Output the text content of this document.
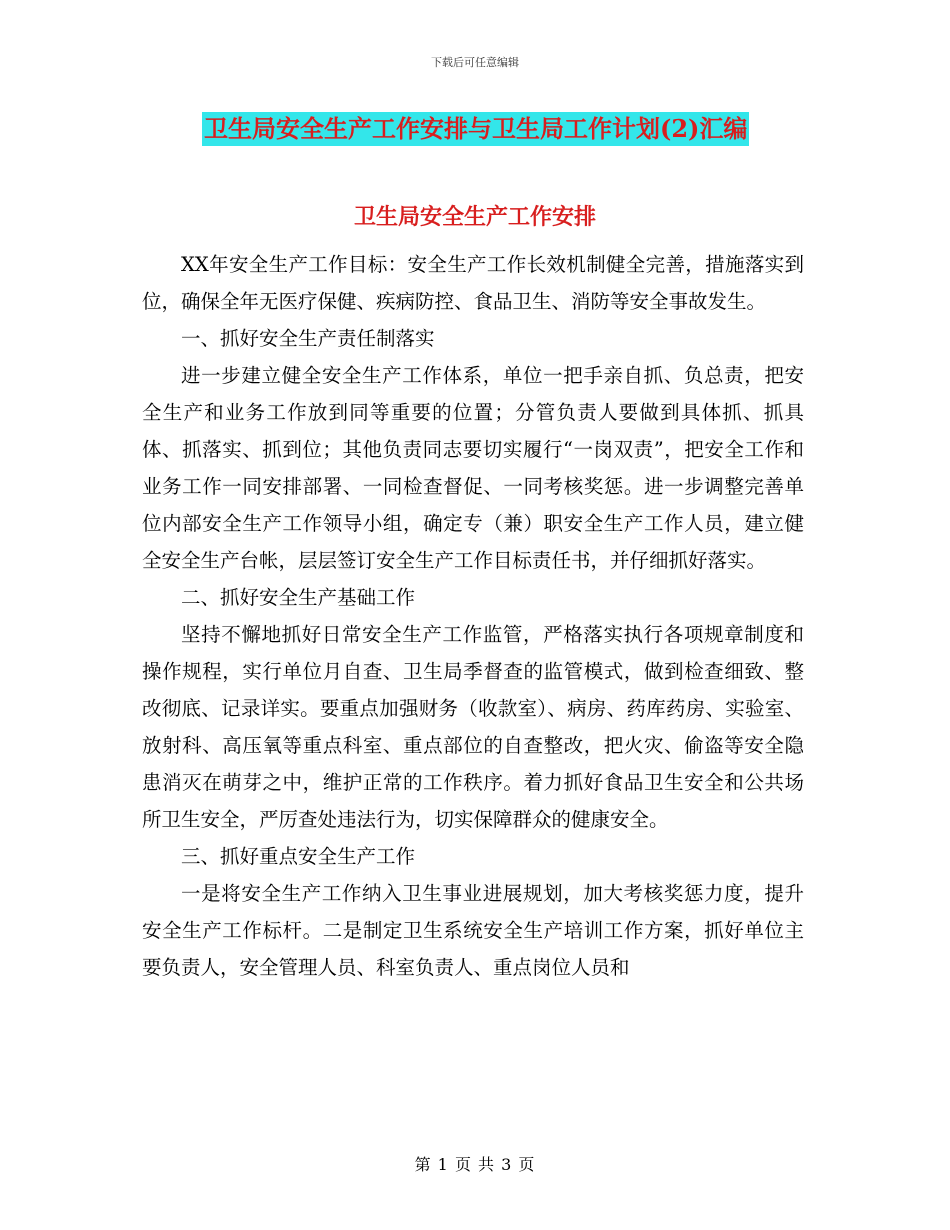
下载后可任意编辑
卫生局安全生产工作安排与卫生局工作计划(2)汇编
卫生局安全生产工作安排

XX年安全生产工作目标：安全生产工作长效机制健全完善，措施落实到位，确保全年无医疗保健、疾病防控、食品卫生、消防等安全事故发生。

一、抓好安全生产责任制落实

进一步建立健全安全生产工作体系，单位一把手亲自抓、负总责，把安全生产和业务工作放到同等重要的位置；分管负责人要做到具体抓、抓具体、抓落实、抓到位；其他负责同志要切实履行“一岗双责”，把安全工作和业务工作一同安排部署、一同检查督促、一同考核奖惩。进一步调整完善单位内部安全生产工作领导小组，确定专（兼）职安全生产工作人员，建立健全安全生产台帐，层层签订安全生产工作目标责任书，并仔细抓好落实。

二、抓好安全生产基础工作

坚持不懈地抓好日常安全生产工作监管，严格落实执行各项规章制度和操作规程，实行单位月自查、卫生局季督查的监管模式，做到检查细致、整改彻底、记录详实。要重点加强财务（收款室）、病房、药库药房、实验室、放射科、高压氧等重点科室、重点部位的自查整改，把火灾、偷盗等安全隐患消灭在萌芽之中，维护正常的工作秩序。着力抓好食品卫生安全和公共场所卫生安全，严厉查处违法行为，切实保障群众的健康安全。

三、抓好重点安全生产工作

一是将安全生产工作纳入卫生事业进展规划，加大考核奖惩力度，提升安全生产工作标杆。二是制定卫生系统安全生产培训工作方案，抓好单位主要负责人，安全管理人员、科室负责人、重点岗位人员和

第 1 页 共 3 页
